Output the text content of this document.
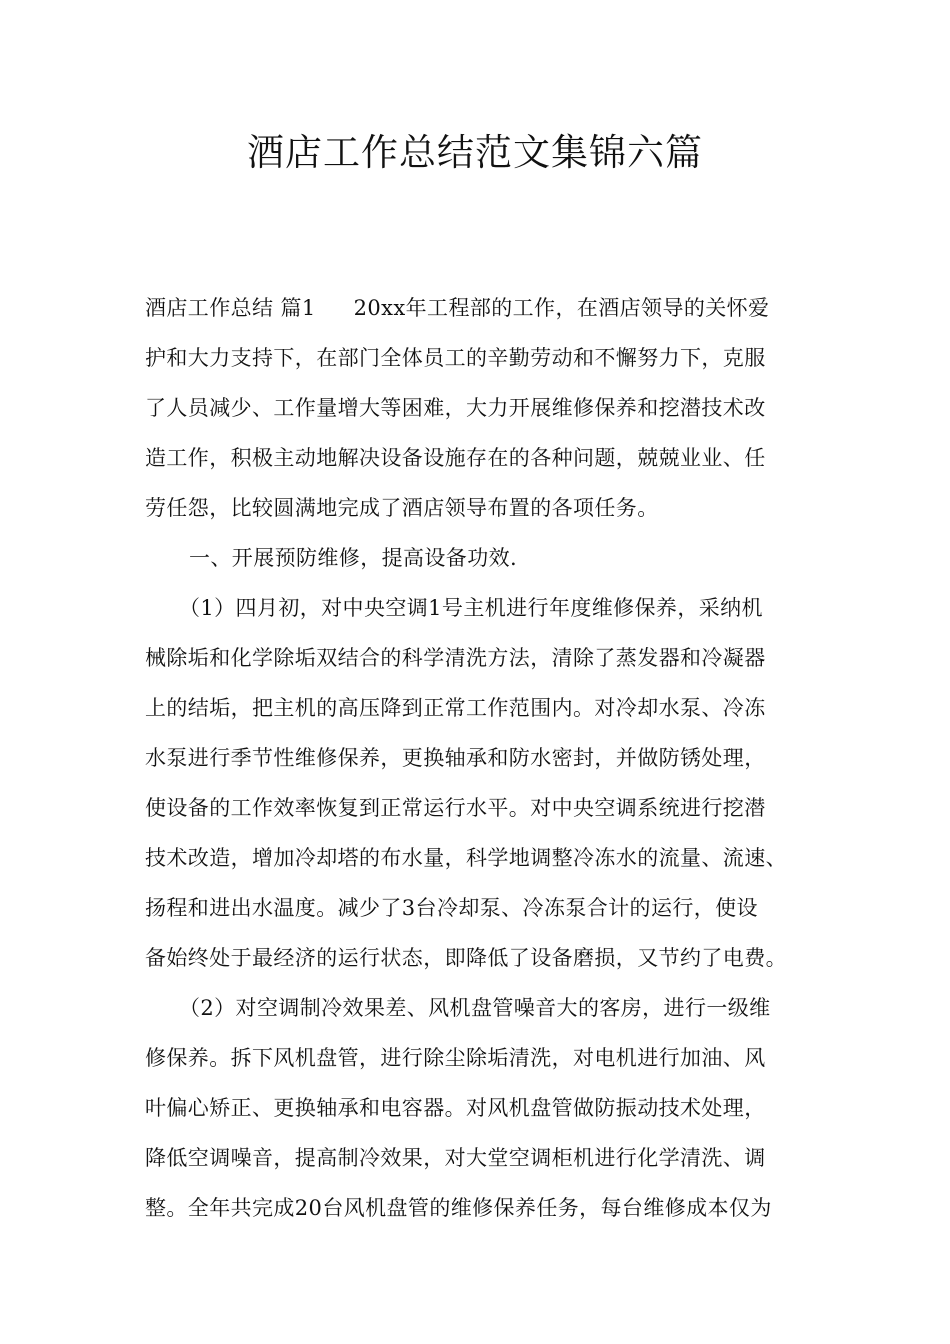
酒店工作总结范文集锦六篇
酒店工作总结 篇1 20xx年工程部的工作，在酒店领导的关怀爱
护和大力支持下，在部门全体员工的辛勤劳动和不懈努力下，克服
了人员减少、工作量增大等困难，大力开展维修保养和挖潜技术改
造工作，积极主动地解决设备设施存在的各种问题，兢兢业业、任
劳任怨，比较圆满地完成了酒店领导布置的各项任务。
一、开展预防维修，提高设备功效.
（1）四月初，对中央空调1号主机进行年度维修保养，采纳机
械除垢和化学除垢双结合的科学清洗方法，清除了蒸发器和冷凝器
上的结垢，把主机的高压降到正常工作范围内。对冷却水泵、冷冻
水泵进行季节性维修保养，更换轴承和防水密封，并做防锈处理，
使设备的工作效率恢复到正常运行水平。对中央空调系统进行挖潜
技术改造，增加冷却塔的布水量，科学地调整冷冻水的流量、流速、
扬程和进出水温度。减少了3台冷却泵、冷冻泵合计的运行，使设
备始终处于最经济的运行状态，即降低了设备磨损，又节约了电费。
（2）对空调制冷效果差、风机盘管噪音大的客房，进行一级维
修保养。拆下风机盘管，进行除尘除垢清洗，对电机进行加油、风
叶偏心矫正、更换轴承和电容器。对风机盘管做防振动技术处理，
降低空调噪音，提高制冷效果，对大堂空调柜机进行化学清洗、调
整。全年共完成20台风机盘管的维修保养任务，每台维修成本仅为
